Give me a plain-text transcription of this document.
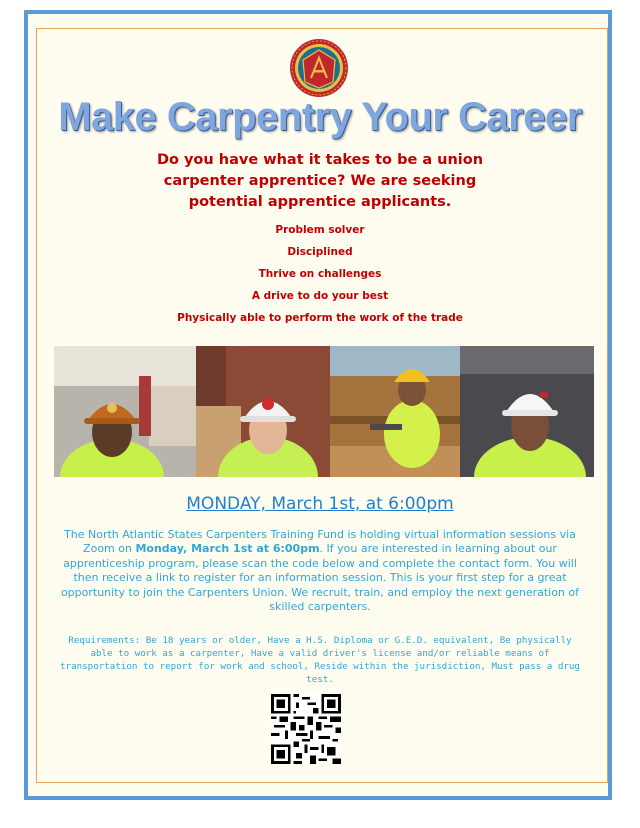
Make Carpentry Your Career
Do you have what it takes to be a union carpenter apprentice? We are seeking potential apprentice applicants.
Problem solver
Disciplined
Thrive on challenges
A drive to do your best
Physically able to perform the work of the trade
MONDAY, March 1st, at 6:00pm
The North Atlantic States Carpenters Training Fund is holding virtual information sessions via Zoom on Monday, March 1st at 6:00pm. If you are interested in learning about our apprenticeship program, please scan the code below and complete the contact form. You will then receive a link to register for an information session. This is your first step for a great opportunity to join the Carpenters Union. We recruit, train, and employ the next generation of skilled carpenters.
Requirements: Be 18 years or older, Have a H.S. Diploma or G.E.D. equivalent, Be physically able to work as a carpenter, Have a valid driver's license and/or reliable means of transportation to report for work and school, Reside within the jurisdiction, Must pass a drug test.
